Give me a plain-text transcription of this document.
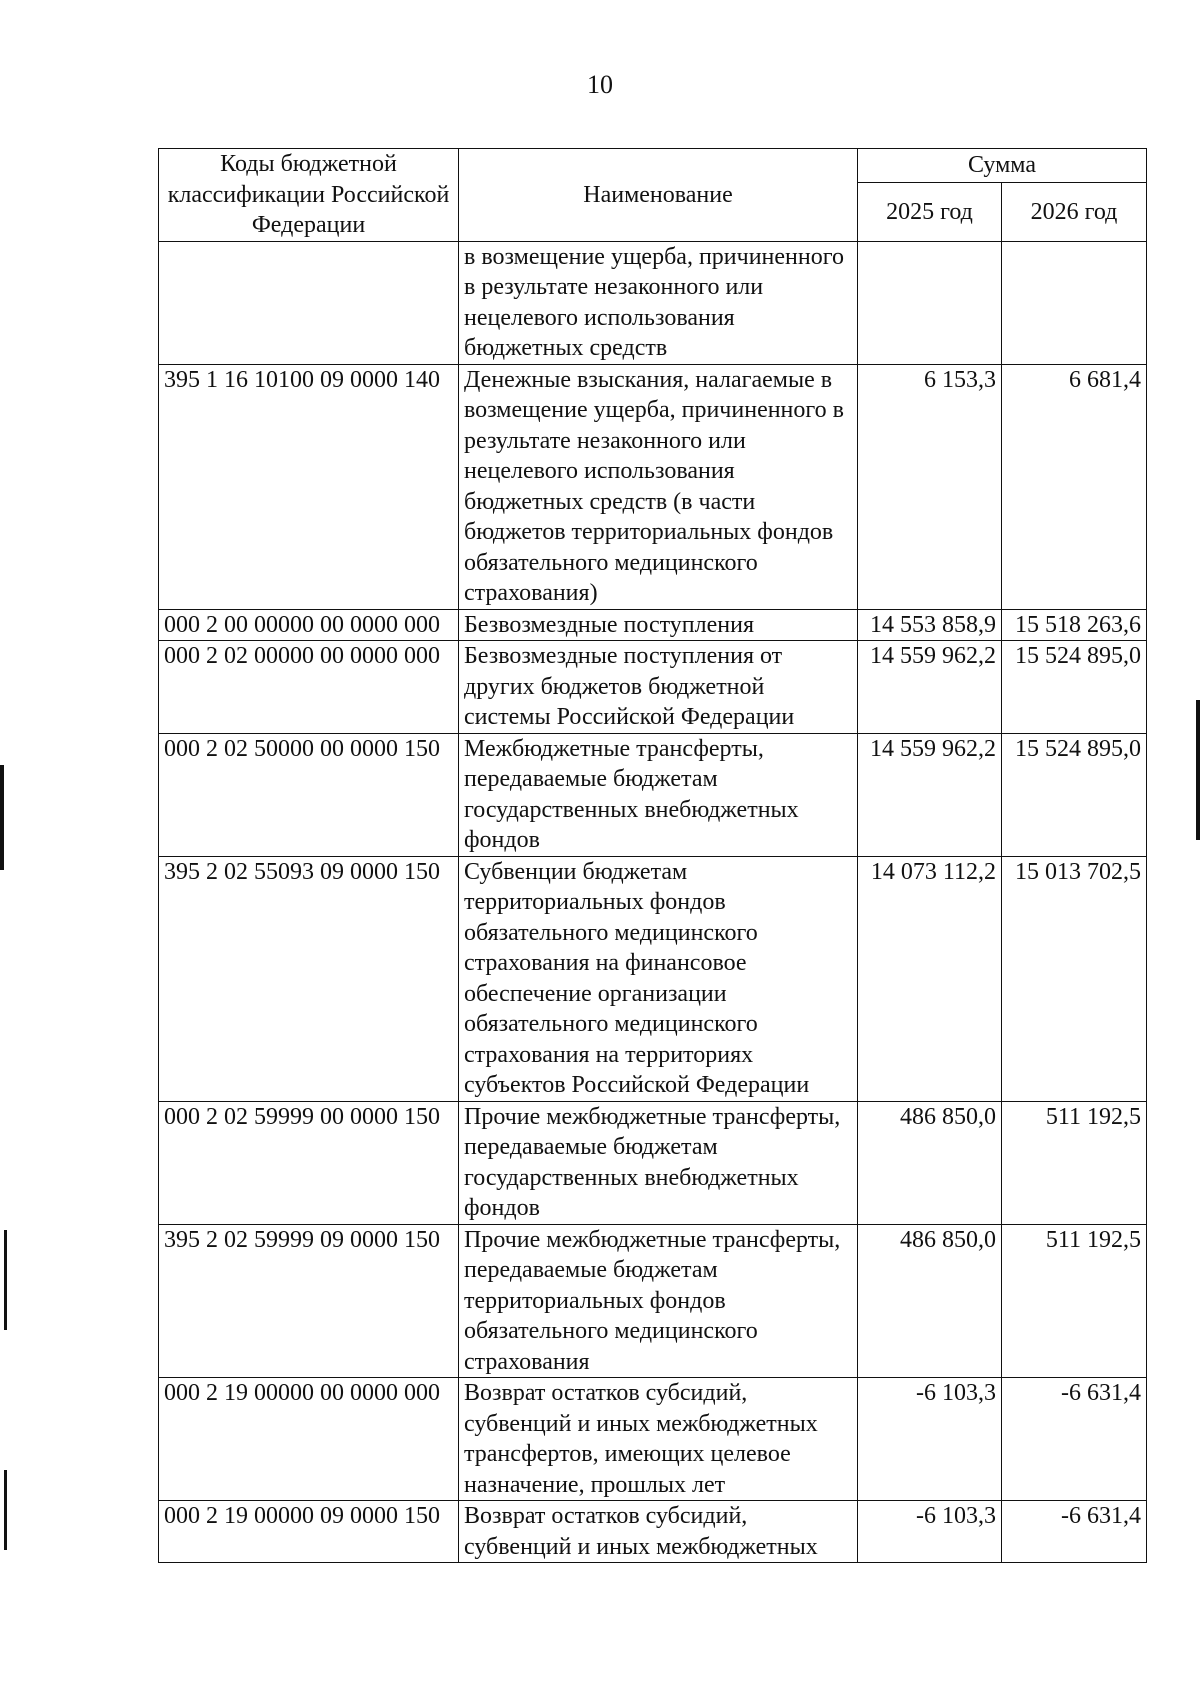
10
Коды бюджетной классификации Российской Федерации	Наименование	Сумма	
		2025 год	2026 год
	в возмещение ущерба, причиненного в результате незаконного или нецелевого использования бюджетных средств		
395 1 16 10100 09 0000 140	Денежные взыскания, налагаемые в возмещение ущерба, причиненного в результате незаконного или нецелевого использования бюджетных средств (в части бюджетов территориальных фондов обязательного медицинского страхования)	6 153,3	6 681,4
000 2 00 00000 00 0000 000	Безвозмездные поступления	14 553 858,9	15 518 263,6
000 2 02 00000 00 0000 000	Безвозмездные поступления от других бюджетов бюджетной системы Российской Федерации	14 559 962,2	15 524 895,0
000 2 02 50000 00 0000 150	Межбюджетные трансферты, передаваемые бюджетам государственных внебюджетных фондов	14 559 962,2	15 524 895,0
395 2 02 55093 09 0000 150	Субвенции бюджетам территориальных фондов обязательного медицинского страхования на финансовое обеспечение организации обязательного медицинского страхования на территориях субъектов Российской Федерации	14 073 112,2	15 013 702,5
000 2 02 59999 00 0000 150	Прочие межбюджетные трансферты, передаваемые бюджетам государственных внебюджетных фондов	486 850,0	511 192,5
395 2 02 59999 09 0000 150	Прочие межбюджетные трансферты, передаваемые бюджетам территориальных фондов обязательного медицинского страхования	486 850,0	511 192,5
000 2 19 00000 00 0000 000	Возврат остатков субсидий, субвенций и иных межбюджетных трансфертов, имеющих целевое назначение, прошлых лет	-6 103,3	-6 631,4
000 2 19 00000 09 0000 150	Возврат остатков субсидий, субвенций и иных межбюджетных	-6 103,3	-6 631,4
